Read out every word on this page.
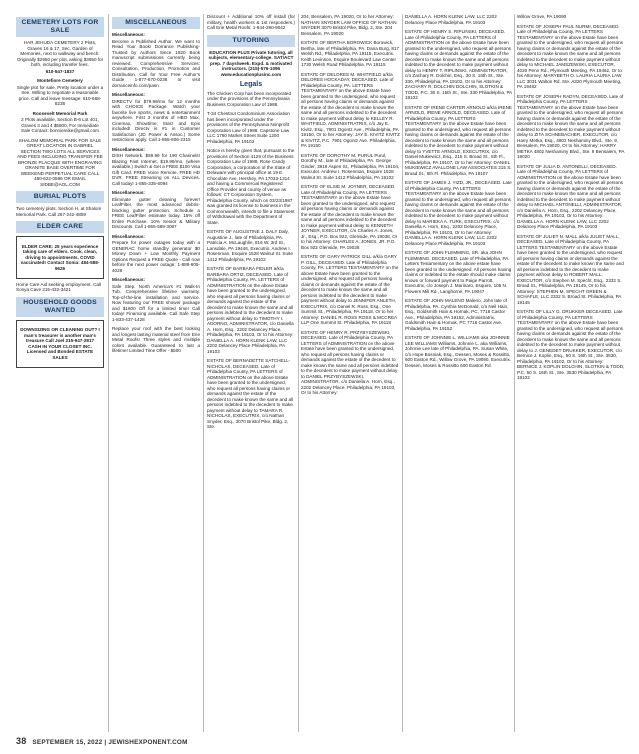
CEMETERY LOTS FOR SALE

HAR JEHUDA CEMETERY 2 Plots, Graves 16 & 17, Sec. Garden of Memories, next to walkway and bench. Originally $2950 per plot, asking $3650 for both, including transfer fees.

610-547-1837

Montefiore Cemetery

Single plot for sale. Pretty location under a tree. Willing to negotiate a reasonable price. Call and leave message: 610-668-8238

Roosevelt Memorial Park

2 Plots available, Section B-6 Lot 401, Graves 3 and 4 $5800, For Immediate Sale Contact: bonniemike@gmail.com

SHALOM MEMORIAL PARK FOR SALE GREAT LOCATION IN GABRIEL SECTION TWO LOTS ALL SERVICES AND FEES INCLUDING TRANSFER FEE BRONZE PLACQUE WITH ENGRAVING GRANITE BASE OVERTIME FOR WEEKEND PERPETUAL CARE CALL 480-622-0596 OR EMAIL SIDBE@AOL.COM

BURIAL PLOTS

Two cemetery plots. Section H, at Shalom Memorial Park. Call 267-242-4859

ELDER CARE

ELDER CARE: 25 years experience taking care of elders. Cook, clean, driving to appointments. COVID vaccinated! Contact Sonia: 484-588-9626

Home Care Aid seeking employment. Call Sonya Cave 215-432-3421

HOUSEHOLD GOODS WANTED

DOWNSIZING OR CLEANING OUT? I man's treasurer is another man's treasure Call Joel 215-947-2817 CASH IN YOUR CLOSET INC. Licensed and Bonded ESTATE SALES

MISCELLANEOUS

Miscellaneous:

Become a Published Author. We want to Read Your Book! Dorrance Publishing-Trusted by Authors Since 1920 Book manuscript submissions currently being reviewed. Comprehensive Services: Consultation, Production, Promotion and Distribution. Call for Your Free Author's Guide 1-877-670-0236 or visit dorranceinfo.com/pasn

Miscellaneous:

DIRECTV for $79.99/mo for 12 months with CHOICE Package. Watch your favorite live sports, news & entertainment anywhere. First 3 months of HBO Max, Cinemax, Showtime, Starz and Epix included! Directv is #1 in Customer Satisfaction (JD Power & Assoc.) Some restrictions apply. Call 1-855-806-2315

Miscellaneous:

DISH Network. $59.99 for 190 Channels! Blazing Fast Internet, $19.99/mo. (where available.) Switch & Get a FREE $100 Visa Gift Card. FREE Voice Remote. FREE HD DVR. FREE Streaming on ALL Devices. Call today! 1-855-335-6094

Miscellaneous:

Eliminate gutter cleaning forever! LeafFilter, the most advanced debris-blocking gutter protection. Schedule a FREE LeafFilter estimate today. 15% off Entire Purchase. 10% Senior & Military Discounts. Call 1-855-569-3087

Miscellaneous:

Prepare for power outages today with a GENERAC home standby generator $0 Money Down + Low Monthly Payment Options Request a FREE Quote - Call now before the next power outage: 1-888-605-4028

Miscellaneous:

Safe Step. North America's #1 Walk-In Tub. Comprehensive lifetime warranty. Top-of-the-line installation and service. Now featuring our FREE shower package and $1600 Off for a limited time! Call today! Financing available. Call Safe Step 1-833-437-1428

Replace your roof with the best looking and longest lasting material steel from Erie Metal Roofs! Three styles and multiple colors available. Guaranteed to last a lifetime! Limited Time Offer - $500

Discount + Additional 10% off install (for military, health workers & 1st responders.) Call Erie Metal Roofs: 1-844-290-9042

TUTORING

EDUCATION PLUS Private tutoring, all subjects, elementary-college. SAT/ACT prep. 7 days/week. Expd. & motivated instructors. (215)-576-1096 www.educationplusinc.com

Legals

The Chicken Corp has been incorporated under the provisions of the Pennsylvania Business Corporation Law of 1988.

T-34 Chestnut Condominium Association has been incorporated under the provisions of the Pennsylvania Nonprofit Corporation Law of 1988. Capstone Law LLC 1760 Market Street Suite 1200 Philadelphia, PA 19103

Notice is hereby given that, pursuant to the provisions of Section 4129 of the Business Corporation Law of 1988, Rose Candy Corporation, a corporation of the State of Delaware with principal office at 19 E. Chocolate Ave, Hershey, PA 17033-1314 and having a Commercial Registered Office Provider and county of venue as follows: CT Corporation System, Philadelphia County, which on 03/23/1987 was granted its license to business in the Commonwealth, intends to file a Statement of Withdrawal with the Department of State.

ESTATE OF AUGUSTINE J. DALY Daly, Augustine J., late of Philadelphia, PA. Patricia A. McLaughlin, 816 W. 3rd St., Lansdale, PA 19446, Executrix. Andrew I. Rosenman, Esquire 1528 Walnut St. Suite 1412 Philadelphia, PA 19102

ESTATE OF BARBARA FIDLER a/k/a BARBARA ORTIZ, DECEASED. Late of Philadelphia County, PA. LETTERS of ADMINISTRATION on the above Estate have been granted to the undersigned, who request all persons having claims or demands against the estate of the decedent to make known the same and all persons indebted to the decedent to make payment without delay to TIMOTHY I. ADORNO, ADMINISTRATOR, c/o Daniella A. Horn, Esq., 2202 Delancey Place, Philadelphia, PA 19103, Or to his Attorney: DANIELLA A. HORN KLENK LAW, LLC 2202 Delancey Place Philadelphia, PA 19103

ESTATE OF BERNADETTE SATCHELL-NICHOLAS, DECEASED. Late of Philadelphia County, PA LETTERS of ADMINISTRATION on the above Estate have been granted to the undersigned, who request all persons having claims or demands against the estate of the decedent to make known the same and all persons indebted to the decedent to make payment without delay to TAMARA R. NICHOLAS, EXECUTRIX, c/o Nathan Snyder, Esq., 3070 Bristol Pike, Bldg. 2, Ste.

204, Bensalem, PA 19020, Or to her Attorney: NATHAN SNYDER LAW OFFICE OF NATHAN SNYDER 3070 Bristol Pike, Bldg. 2, Ste. 204 Bensalem, PA 19020

ESTATE OF BERTHA BOROWICK Borowick, Bertha, late of Philadelphia, PA. Dana Burg, 817 Welsh Rd., Philadelphia, PA 19115, Executrix. Keith Levinson, Esquire Boulevard Law Center 1730 Welsh Road Philadelphia, PA 19115

ESTATE OF DELORES M. WHITFIELD a/k/a DELORES HOCKADAY, DECEASED. Late of Philadelphia County, PA. LETTERS TESTAMENTARY on the above Estate have been granted to the undersigned, who request all persons having claims or demands against the estate of the decedent to make known the same and all persons indebted to the decedent to make payment without delay to KELLEY R. WHITFIELD, ADMINISTRATRIX, c/o Jay E. Kivitz, Esq., 7901 Ogontz Ave., Philadelphia, PA 19150, Or to her Attorney: JAY E. KIVITZ KIVITZ & KIVITZ, P.C. 7901 Ogontz Ave. Philadelphia, PA 19150

ESTATE OF DOROTHY M. PURUL Purul, Dorothy M., late of Philadelphia, PA. George Ginder, 3919 Aspen St., Philadelphia, PA 19104, Executor. Andrew I. Rosenman, Esquire 1528 Walnut St. Suite 1412 Philadelphia, PA 19102

ESTATE OF ELSIE M. JOYNER, DECEASED. Late of Philadelphia County, PA LETTERS TESTAMENTARY on the above Estate have been granted to the undersigned, who request all persons having claims or demands against the estate of the decedent to make known the same and all persons indebted to the decedent to make payment without delay to KENNETH JOYNER, EXECUTOR, c/o Charles A. Jones, Jr., Esq., P.O. Box 922, Glenside, PA 19038, Or to his Attorney: CHARLES A. JONES, JR. P.O. Box 922 Glenside, PA 19038

ESTATE OF GARY PATRICK GILL a/k/a GARY P. GILL, DECEASED. Late of Philadelphia County, PA. LETTERS TESTAMENTARY on the above Estate have been granted to the undersigned, who request all persons having claims or demands against the estate of the decedent to make known the same and all persons indebted to the decedent to make payment without delay to JENNIFER ANLETH, EXECUTRIX, c/o Daniel R. Ross, Esq., One Summit St., Philadelphia, PA 19118, Or to her Attorney: DANIEL R. ROSS ROSS & MCCREA LLP One Summit St. Philadelphia, PA 19118

ESTATE OF HENRY R. PRZYBYSZEWSKI, DECEASED. Late of Philadelphia County, PA LETTERS of ADMINISTRATION on the above Estate have been granted to the undersigned, who request all persons having claims or demands against the estate of the decedent to make known the same and all persons indebted to the decedent to make payment without delay to DANIEL PRZYBYSZEWSKI, ADMINISTRATOR, c/o Daniella A. Horn, Esq., 2202 Delancey Place, Philadelphia, PA 19103, Or to his Attorney:

DANIELLA A. HORN KLENK LAW, LLC 2202 Delancey Place Philadelphia, PA 19103

ESTATE OF HENRY S. RIPLINSKI, DECEASED. Late of Philadelphia County, PA LETTERS of ADMINISTRATION on the above Estate have been granted to the undersigned, who request all persons having claims or demands against the estate of the decedent to make known the same and all persons indebted to the decedent to make payment without delay to HENRY T. RIPLINSKI, ADMINISTRATOR, c/o Zachary R. Dolchin, Esq., 30 S. 15th St., Ste. 330, Philadelphia, PA 19102, Or to his Attorney: ZACHARY R. DOLCHIN DOLCHIN, SLOTKIN & TODD, P.C. 30 S. 15th St., Ste. 330 Philadelphia, PA 19102

ESTATE OF IRENE CARTER ARNOLD a/k/a IRENE ARNOLD, IRENE ARNOLD, DECEASED. Late of Philadelphia County, PA LETTERS TESTAMENTARY on the above Estate have been granted to the undersigned, who request all persons having claims or demands against the estate of the decedent to make known the same and all persons indebted to the decedent to make payment without delay to YVETTE ARNOLD, EXECUTRIX, c/o Daniel Mukiewicz, Esq., 215 S. Broad St., 5th Fl., Philadelphia, PA 19107, Or to her Attorney: DANIEL MUKIEWICZ AVALLONE LAW ASSOCIATES 215 S. Broad St., 5th Fl. Philadelphia, PA 19107

ESTATE OF JAMES J. YIZD, JR., DECEASED. Late of Philadelphia County, PA LETTERS TESTAMENTARY on the above Estate have been granted to the undersigned, who request all persons having claims or demands against the estate of the decedent to make known the same and all persons indebted to the decedent to make payment without delay to MARIEKA A. TURK, EXECUTRIX, c/o Daniella A. Horn, Esq., 2202 Delancey Place, Philadelphia, PA 19103, Or to her Attorney: DANIELLA A. HORN KLENK LAW, LLC 2202 Delancey Place Philadelphia, PA 19103

ESTATE OF JOHN FLEMMING, SR. aka JOHN FLEMMING, DECEASED. Late of Philadelphia, PA. Letters Testamentary on the above estate have been granted to the undersigned. All persons having claims or indebted to the estate should make claims known or forward payment to Paige Parrott, Executrix, c/o Joseph J. Marinaro, Esquire, 105 N. Flowers Mill Rd., Langhorne, PA 19047

ESTATE OF JOHN MALENO Maleno, John late of Philadelphia, PA. Cynthia McDonald, c/o Neil Hain, Esq., Goldsmith Hain & Hornak, PC, 7716 Castor Ave., Philadelphia, PA 19152, Administratrix. Goldsmith Hain & Hornak, PC 7716 Castor Ave. Philadelphia, PA 19152

ESTATE OF JOHNNIE L. WILLIAMS aka JOHNNIE LEE WILLIAMS Williams, Johnnie L. aka Williams, Johnnie Lee late of Philadelphia, PA. Susan White, c/o Hope Bosniak, Esq., Dessen, Moses & Rossitto, 600 Easton Rd., Willow Grove, PA 19090, Executrix. Dessen, Moses & Rossitto 600 Easton Rd.

Willow Grove, PA 19090

ESTATE OF JOSEPH PAUL NURMI, DECEASED. Late of Philadelphia County, PA LETTERS TESTAMENTARY on the above Estate have been granted to the undersigned, who request all persons having claims or demands against the estate of the decedent to make known the same and all persons indebted to the decedent to make payment without delay to MICHAEL JAMSZEWSKI, EXECUTOR, 4020 Penn Rd., Plymouth Meeting, PA 19462, Or to his Attorney: MARYBETH O. LAURIA LAURIA LAW LLC 3031 Walton Rd. Ste. A320 Plymouth Meeting, PA 19462

ESTATE OF JOSEPH RADYN, DECEASED. Late of Philadelphia County, PA LETTERS TESTAMENTARY on the above Estate have been granted to the undersigned, who request all persons having claims or demands against the estate of the decedent to make known the same and all persons indebted to the decedent to make payment without delay to ZITA SCHNEBACHER, EXECUTOR, c/o Harry Metka, Esq., 4802 Neshaminy Blvd., Ste. 9, Bensalem, PA 19020, Or to his Attorney: HARRY METKA 4802 Neshaminy Blvd., Ste. 9 Bensalem, PA 19020

ESTATE OF JULIA D. ANTONELLI, DECEASED. Late of Philadelphia County, PA LETTERS of ADMINISTRATION on the above Estate have been granted to the undersigned, who request all persons having claims or demands against the estate of the decedent to make known the same and all persons indebted to the decedent to make payment without delay to MICHAEL ANTONELLI, ADMINISTRATOR, c/o Daniella A. Horn, Esq., 2202 Delancey Place, Philadelphia, PA 19103, Or to his Attorney: DANIELLA A. HORN KLENK LAW, LLC 2202 Delancey Place Philadelphia, PA 19103

ESTATE OF JULIET N. MALL a/k/a JULIET MALL, DECEASED. Late of Philadelphia County, PA LETTERS TESTAMENTARY on the above Estate have been granted to the undersigned, who request all persons having claims or demands against the estate of the decedent to make known the same and all persons indebted to the decedent to make payment without delay to ROBERT MALL, EXECUTOR, c/o Stephen M. Specht, Esq., 2332 S. Broad St., Philadelphia, PA 19145, Or to his Attorney: STEPHEN M. SPECHT GREEN & SCHAFLE, LLC 2332 S. Broad St. Philadelphia, PA 19145

ESTATE OF LILLY G. DRUKKER DECEASED. Late of Philadelphia County, PA LETTERS TESTAMENTARY on the above Estate have been granted to the undersigned, who request all persons having claims or demands against the estate of the decedent to make known the same and all persons indebted to the decedent to make payment without delay to J. GENEDET DRUKKER, EXECUTOR, c/o Bernice J. Koplin, Esq., 50 S. 16th St., Ste. 3530, Philadelphia, PA 19102, Or to his Attorney: BERNICE J. KOPLIN DOLCHIN, SLOTKIN & TODD, P.C. 50 S. 16th St., Ste. 3530 Philadelphia, PA 19102

38 SEPTEMBER 15, 2022 | JEWISHEXPONENT.COM
